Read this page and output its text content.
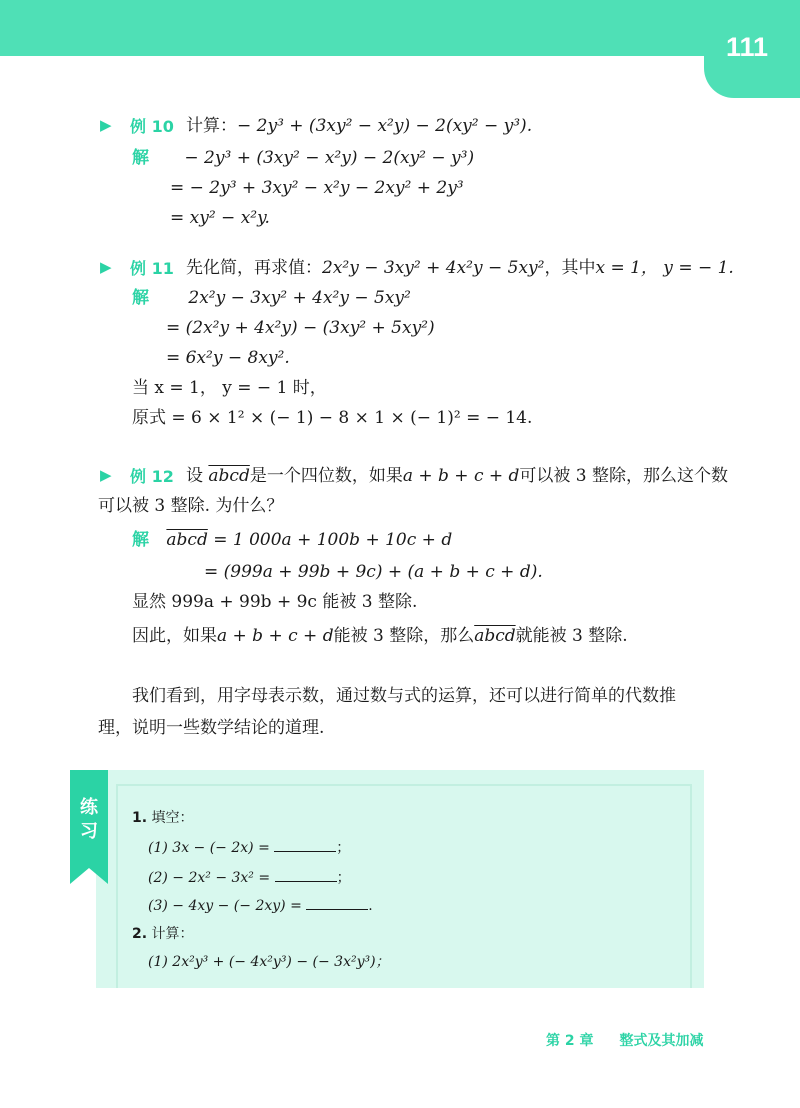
111
▶ 例 10 计算：− 2y³ + (3xy² − x²y) − 2(xy² − y³).
解 − 2y³ + (3xy² − x²y) − 2(xy² − y³)
= − 2y³ + 3xy² − x²y − 2xy² + 2y³
= xy² − x²y.
▶ 例 11 先化简，再求值：2x²y − 3xy² + 4x²y − 5xy²，其中x = 1， y = − 1.
解 2x²y − 3xy² + 4x²y − 5xy²
= (2x²y + 4x²y) − (3xy² + 5xy²)
= 6x²y − 8xy².
当 x = 1， y = − 1 时，
原式 = 6 × 1² × (− 1) − 8 × 1 × (− 1)² = − 14.
▶ 例 12 设 abcd是一个四位数，如果a + b + c + d可以被 3 整除，那么这个数
可以被 3 整除. 为什么？
解 abcd = 1 000a + 100b + 10c + d
= (999a + 99b + 9c) + (a + b + c + d).
显然 999a + 99b + 9c 能被 3 整除.
因此，如果a + b + c + d能被 3 整除，那么abcd就能被 3 整除.
我们看到，用字母表示数，通过数与式的运算，还可以进行简单的代数推
理，说明一些数学结论的道理.
练习
1. 填空：
(1) 3x − (− 2x) =	；
(2) − 2x² − 3x² =	；
(3) − 4xy − (− 2xy) =	.
2. 计算：
(1) 2x²y³ + (− 4x²y³) − (− 3x²y³)；
第 2 章 整式及其加减
